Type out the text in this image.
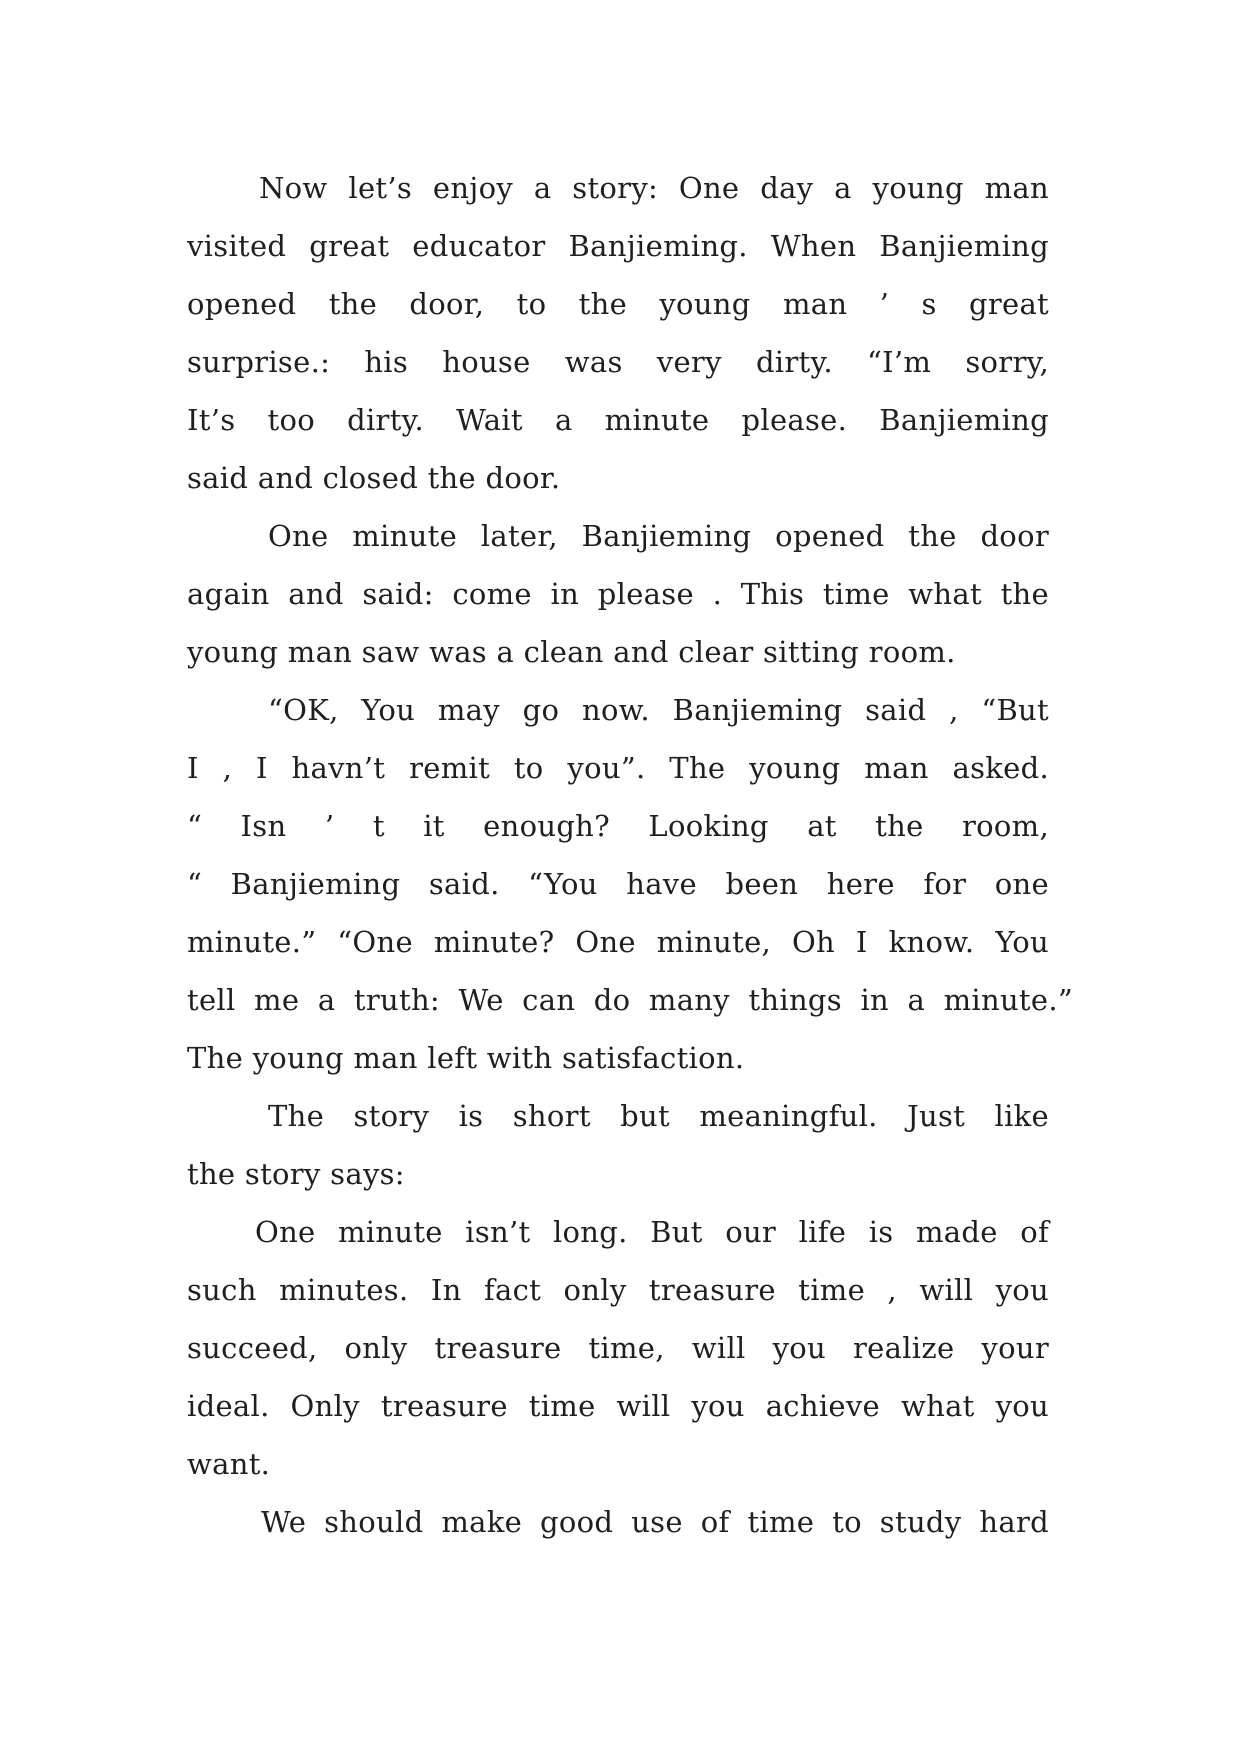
Now let’s enjoy a story: One day a young man
visited great educator Banjieming. When Banjieming
opened the door, to the young man ’ s great
surprise.: his house was very dirty. “I’m sorry,
It’s too dirty. Wait a minute please. Banjieming
said and closed the door.
One minute later, Banjieming opened the door
again and said: come in please . This time what the
young man saw was a clean and clear sitting room.
“OK, You may go now. Banjieming said , “But
I , I havn’t remit to you”. The young man asked.
“ Isn ’ t it enough? Looking at the room,
“ Banjieming said. “You have been here for one
minute.” “One minute? One minute, Oh I know. You
tell me a truth: We can do many things in a minute.”
The young man left with satisfaction.
The story is short but meaningful. Just like
the story says:
One minute isn’t long. But our life is made of
such minutes. In fact only treasure time , will you
succeed, only treasure time, will you realize your
ideal. Only treasure time will you achieve what you
want.
We should make good use of time to study hard
